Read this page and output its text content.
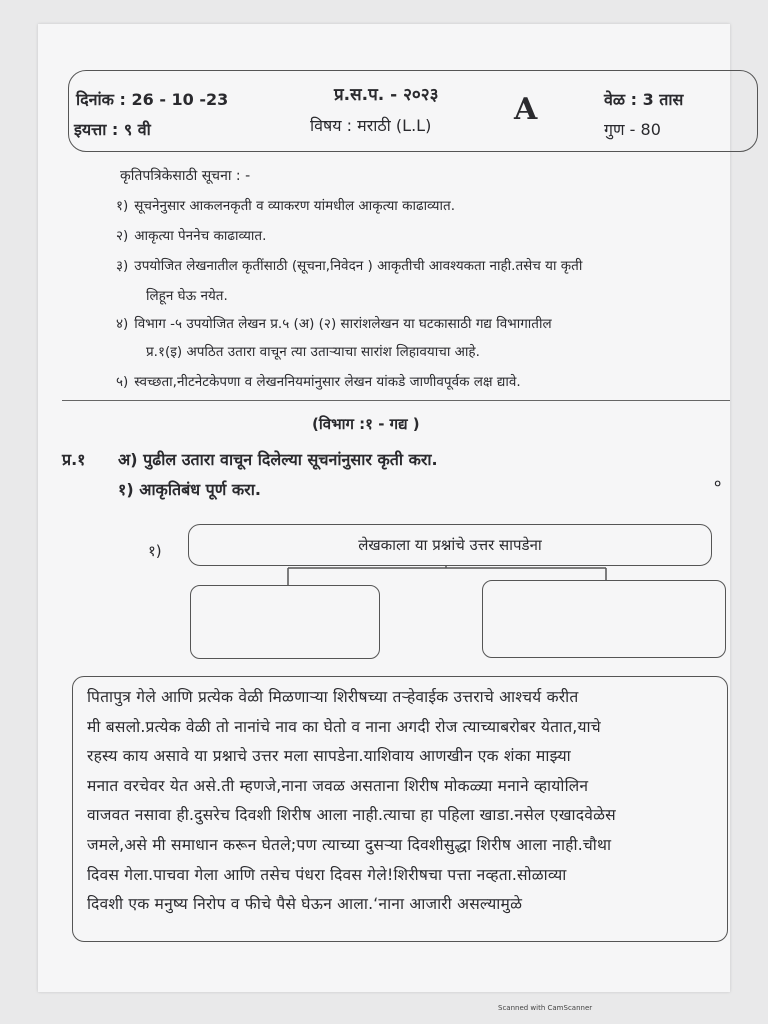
दिनांक : 26 - 10 -23
इयत्ता : ९ वी
प्र.स.प. - २०२३
विषय : मराठी (L.L)	A	वेळ : 3 तास
गुण - 80
कृतिपत्रिकेसाठी सूचना : -
१) सूचनेनुसार आकलनकृती व व्याकरण यांमधील आकृत्या काढाव्यात.
२) आकृत्या पेननेच काढाव्यात.
३) उपयोजित लेखनातील कृतींसाठी (सूचना,निवेदन ) आकृतीची आवश्यकता नाही.तसेच या कृती
लिहून घेऊ नयेत.
४) विभाग -५ उपयोजित लेखन प्र.५ (अ) (२) सारांशलेखन या घटकासाठी गद्य विभागातील
प्र.१(इ) अपठित उतारा वाचून त्या उताऱ्याचा सारांश लिहावयाचा आहे.
५) स्वच्छता,नीटनेटकेपणा व लेखननियमांनुसार लेखन यांकडे जाणीवपूर्वक लक्ष द्यावे.
(विभाग :१ - गद्य )
प्र.१ अ) पुढील उतारा वाचून दिलेल्या सूचनांनुसार कृती करा.
१) आकृतिबंध पूर्ण करा.	०
१)	लेखकाला या प्रश्नांचे उत्तर सापडेना
पितापुत्र गेले आणि प्रत्येक वेळी मिळणाऱ्या शिरीषच्या तऱ्हेवाईक उत्तराचे आश्चर्य करीत
मी बसलो.प्रत्येक वेळी तो नानांचे नाव का घेतो व नाना अगदी रोज त्याच्याबरोबर येतात,याचे
रहस्य काय असावे या प्रश्नाचे उत्तर मला सापडेना.याशिवाय आणखीन एक शंका माझ्या
मनात वरचेवर येत असे.ती म्हणजे,नाना जवळ असताना शिरीष मोकळ्या मनाने व्हायोलिन
वाजवत नसावा ही.दुसरेच दिवशी शिरीष आला नाही.त्याचा हा पहिला खाडा.नसेल एखादवेळेस
जमले,असे मी समाधान करून घेतले;पण त्याच्या दुसऱ्या दिवशीसुद्धा शिरीष आला नाही.चौथा
दिवस गेला.पाचवा गेला आणि तसेच पंधरा दिवस गेले!शिरीषचा पत्ता नव्हता.सोळाव्या
दिवशी एक मनुष्य निरोप व फीचे पैसे घेऊन आला.‘नाना आजारी असल्यामुळे
Scanned with CamScanner
